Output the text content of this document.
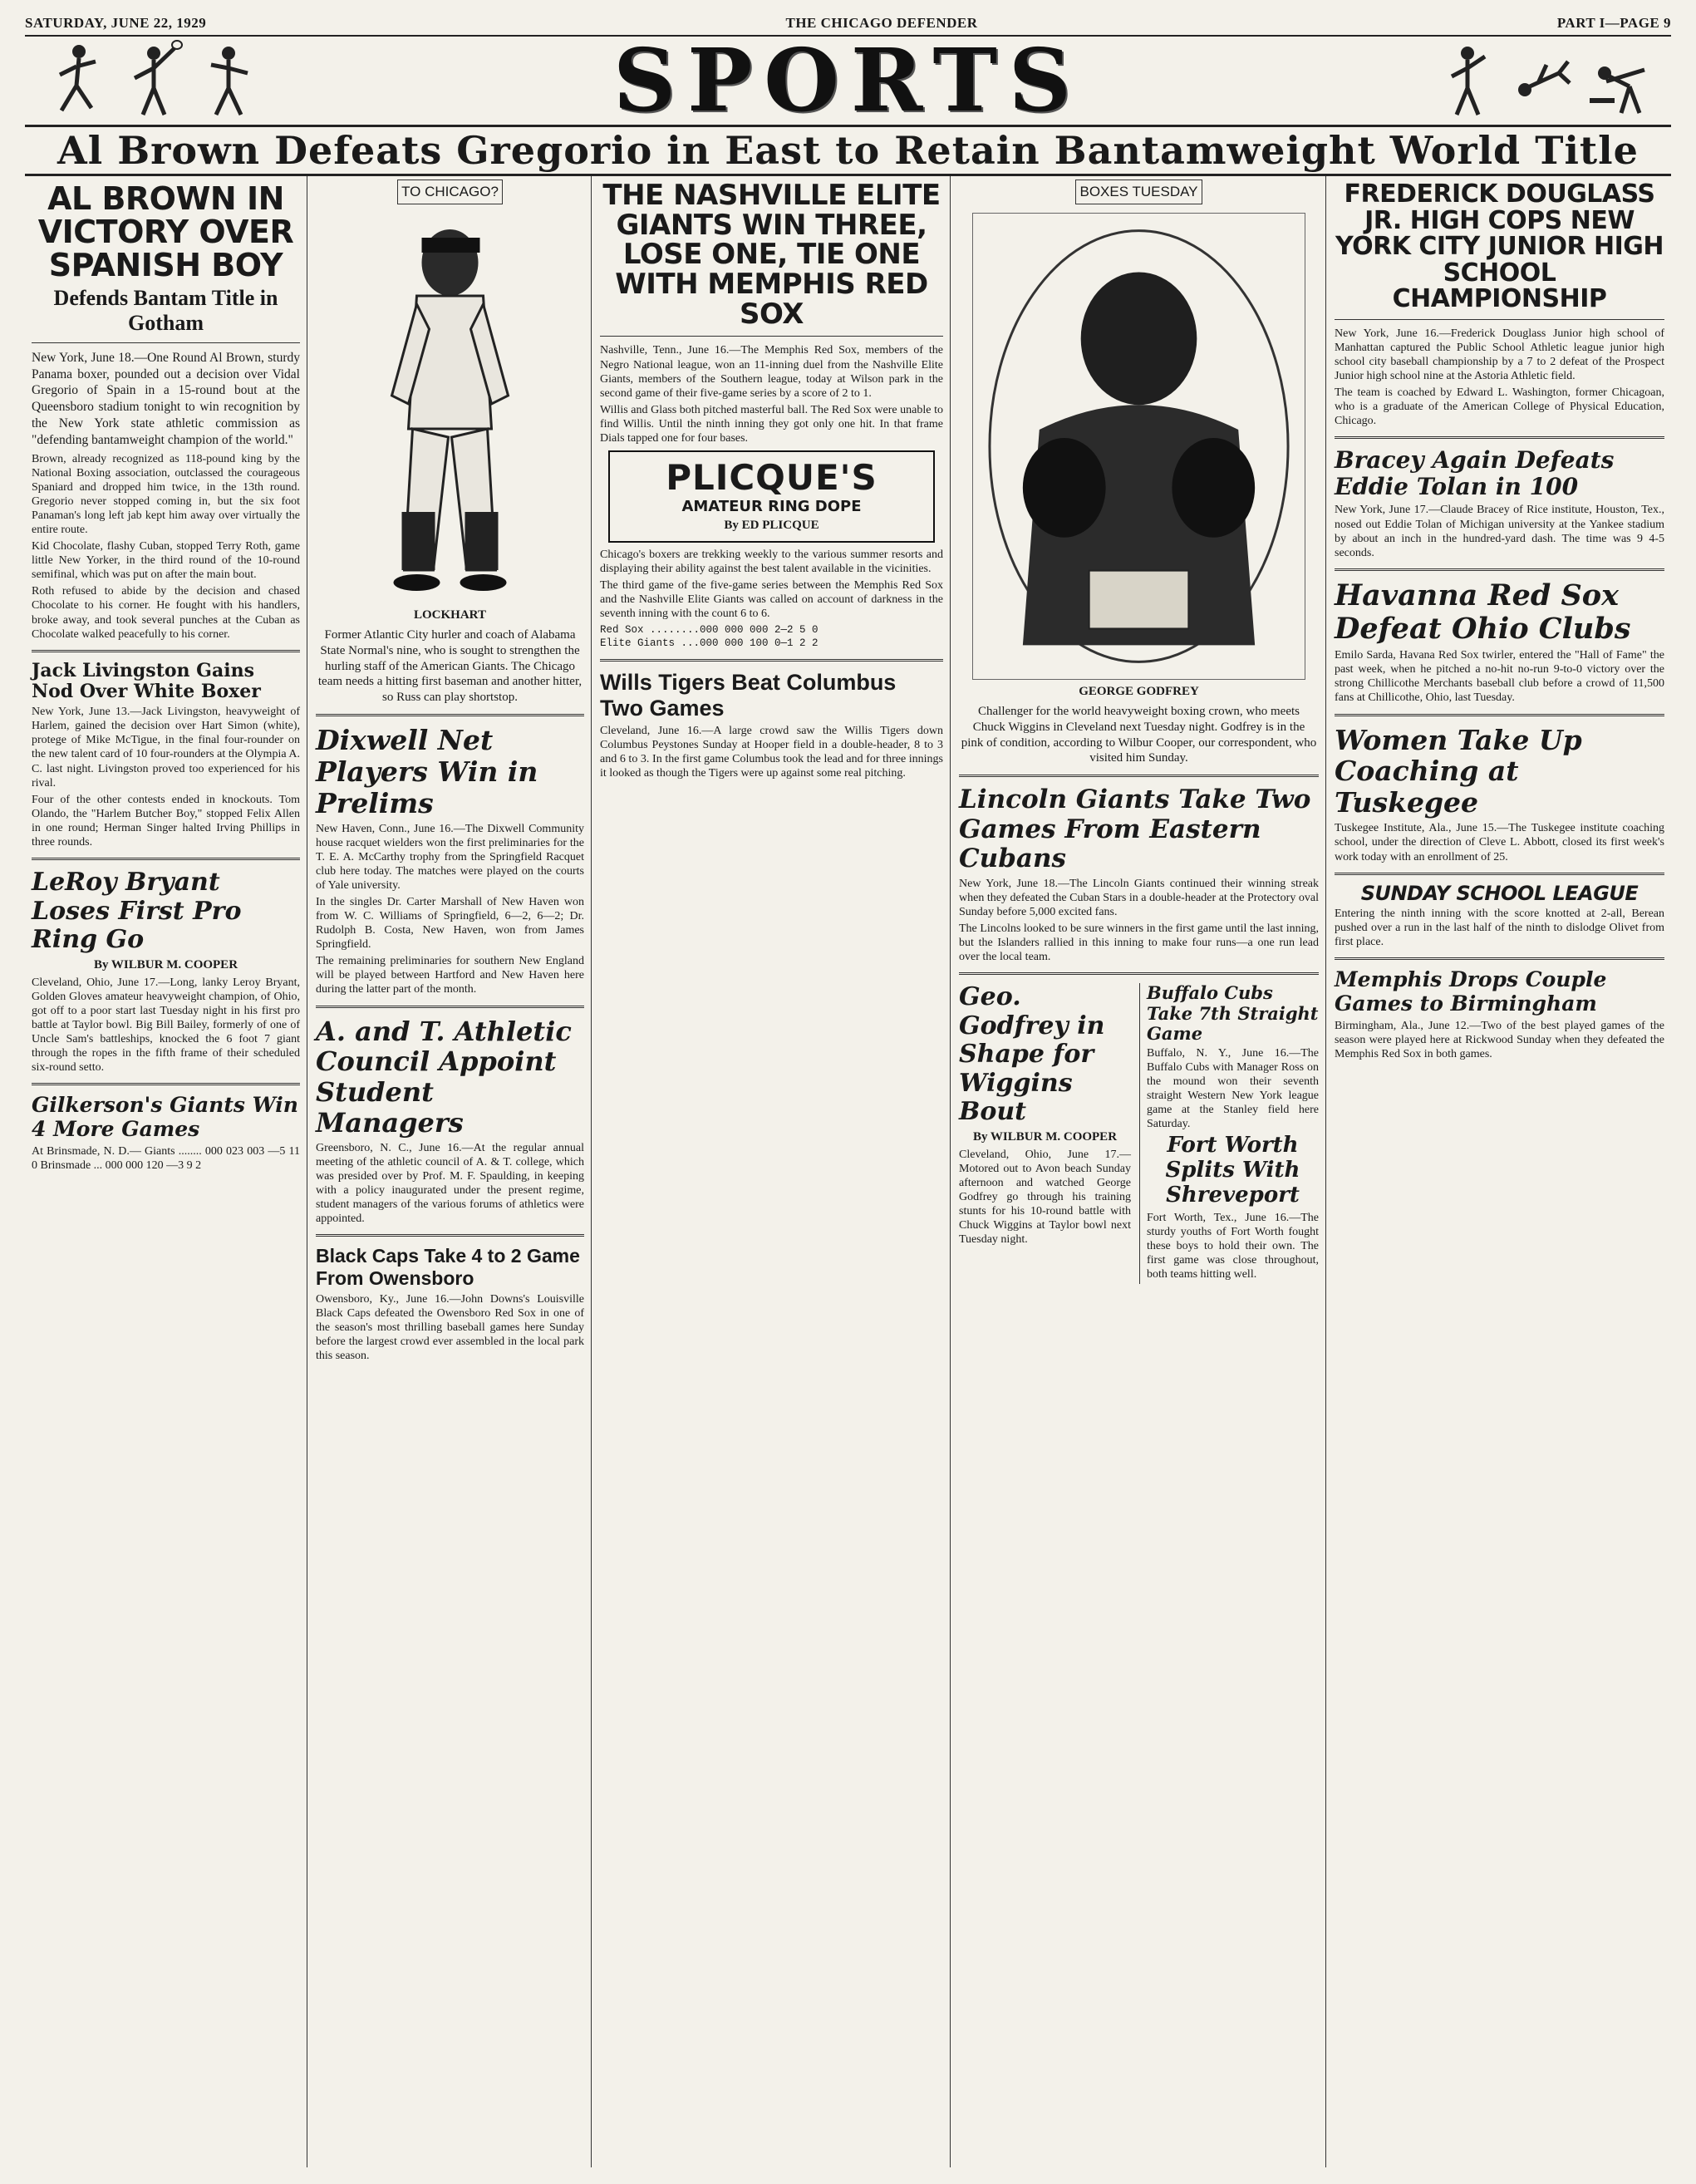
SATURDAY, JUNE 22, 1929	THE CHICAGO DEFENDER	PART I—PAGE 9
SPORTS
Al Brown Defeats Gregorio in East to Retain Bantamweight World Title
AL BROWN IN VICTORY OVER SPANISH BOY
Defends Bantam Title in Gotham

New York, June 18.—One Round Al Brown, sturdy Panama boxer, pounded out a decision over Vidal Gregorio of Spain in a 15-round bout at the Queensboro stadium tonight to win recognition by the New York state athletic commission as "defending bantamweight champion of the world."

Brown, already recognized as 118-pound king by the National Boxing association, outclassed the courageous Spaniard and dropped him twice, in the 13th round. Gregorio never stopped coming in, but the six foot Panaman's long left jab kept him away over virtually the entire route.

Kid Chocolate, flashy Cuban, stopped Terry Roth, game little New Yorker, in the third round of the 10-round semifinal, which was put on after the main bout.

Roth refused to abide by the decision and chased Chocolate to his corner. He fought with his handlers, broke away, and took several punches at the Cuban as Chocolate walked peacefully to his corner.

Jack Livingston Gains Nod Over White Boxer

New York, June 13.—Jack Livingston, heavyweight of Harlem, gained the decision over Hart Simon (white), protege of Mike McTigue, in the final four-rounder on the new talent card of 10 four-rounders at the Olympia A. C. last night. Livingston proved too experienced for his rival.

Four of the other contests ended in knockouts. Tom Olando, the "Harlem Butcher Boy," stopped Felix Allen in one round; Herman Singer halted Irving Phillips in three rounds.

LeRoy Bryant Loses First Pro Ring Go
By WILBUR M. COOPER

Cleveland, Ohio, June 17.—Long, lanky Leroy Bryant, Golden Gloves amateur heavyweight champion, of Ohio, got off to a poor start last Tuesday night in his first pro battle at Taylor bowl. Big Bill Bailey, formerly of one of Uncle Sam's battleships, knocked the 6 foot 7 giant through the ropes in the fifth frame of their scheduled six-round setto.

Gilkerson's Giants Win 4 More Games

At Brinsmade, N. D.— Giants ........ 000 023 003 —5 11 0 Brinsmade ... 000 000 120 —3 9 2

TO CHICAGO?
LOCKHART

Former Atlantic City hurler and coach of Alabama State Normal's nine, who is sought to strengthen the hurling staff of the American Giants. The Chicago team needs a hitting first baseman and another hitter, so Russ can play shortstop.

Dixwell Net Players Win in Prelims

New Haven, Conn., June 16.—The Dixwell Community house racquet wielders won the first preliminaries for the T. E. A. McCarthy trophy from the Springfield Racquet club here today. The matches were played on the courts of Yale university.

In the singles Dr. Carter Marshall of New Haven won from W. C. Williams of Springfield, 6—2, 6—2; Dr. Rudolph B. Costa, New Haven, won from James Springfield.

The remaining preliminaries for southern New England will be played between Hartford and New Haven here during the latter part of the month.

A. and T. Athletic Council Appoint Student Managers

Greensboro, N. C., June 16.—At the regular annual meeting of the athletic council of A. & T. college, which was presided over by Prof. M. F. Spaulding, in keeping with a policy inaugurated under the present regime, student managers of the various forums of athletics were appointed.

Black Caps Take 4 to 2 Game From Owensboro

Owensboro, Ky., June 16.—John Downs's Louisville Black Caps defeated the Owensboro Red Sox in one of the season's most thrilling baseball games here Sunday before the largest crowd ever assembled in the local park this season.

THE NASHVILLE ELITE GIANTS WIN THREE, LOSE ONE, TIE ONE WITH MEMPHIS RED SOX

Nashville, Tenn., June 16.—The Memphis Red Sox, members of the Negro National league, won an 11-inning duel from the Nashville Elite Giants, members of the Southern league, today at Wilson park in the second game of their five-game series by a score of 2 to 1.

Willis and Glass both pitched masterful ball. The Red Sox were unable to find Willis. Until the ninth inning they got only one hit. In that frame Dials tapped one for four bases.

PLICQUE'S
AMATEUR RING DOPE
By ED PLICQUE

Chicago's boxers are trekking weekly to the various summer resorts and displaying their ability against the best talent available in the vicinities.

The third game of the five-game series between the Memphis Red Sox and the Nashville Elite Giants was called on account of darkness in the seventh inning with the count 6 to 6.

Red Sox ........000 000 000 2—2 5 0
Elite Giants ...000 000 100 0—1 2 2
Wills Tigers Beat Columbus Two Games

Cleveland, June 16.—A large crowd saw the Willis Tigers down Columbus Peystones Sunday at Hooper field in a double-header, 8 to 3 and 6 to 3. In the first game Columbus took the lead and for three innings it looked as though the Tigers were up against some real pitching.

BOXES TUESDAY
GEORGE GODFREY

Challenger for the world heavyweight boxing crown, who meets Chuck Wiggins in Cleveland next Tuesday night. Godfrey is in the pink of condition, according to Wilbur Cooper, our correspondent, who visited him Sunday.

Lincoln Giants Take Two Games From Eastern Cubans

New York, June 18.—The Lincoln Giants continued their winning streak when they defeated the Cuban Stars in a double-header at the Protectory oval Sunday before 5,000 excited fans.

The Lincolns looked to be sure winners in the first game until the last inning, but the Islanders rallied in this inning to make four runs—a one run lead over the local team.

Geo. Godfrey in Shape for Wiggins Bout
By WILBUR M. COOPER

Cleveland, Ohio, June 17.—Motored out to Avon beach Sunday afternoon and watched George Godfrey go through his training stunts for his 10-round battle with Chuck Wiggins at Taylor bowl next Tuesday night.

Buffalo Cubs Take 7th Straight Game

Buffalo, N. Y., June 16.—The Buffalo Cubs with Manager Ross on the mound won their seventh straight Western New York league game at the Stanley field here Saturday.

Fort Worth Splits With Shreveport

Fort Worth, Tex., June 16.—The sturdy youths of Fort Worth fought these boys to hold their own. The first game was close throughout, both teams hitting well.

FREDERICK DOUGLASS JR. HIGH COPS NEW YORK CITY JUNIOR HIGH SCHOOL CHAMPIONSHIP

New York, June 16.—Frederick Douglass Junior high school of Manhattan captured the Public School Athletic league junior high school city baseball championship by a 7 to 2 defeat of the Prospect Junior high school nine at the Astoria Athletic field.

The team is coached by Edward L. Washington, former Chicagoan, who is a graduate of the American College of Physical Education, Chicago.

Bracey Again Defeats Eddie Tolan in 100

New York, June 17.—Claude Bracey of Rice institute, Houston, Tex., nosed out Eddie Tolan of Michigan university at the Yankee stadium by about an inch in the hundred-yard dash. The time was 9 4-5 seconds.

Havanna Red Sox Defeat Ohio Clubs

Emilo Sarda, Havana Red Sox twirler, entered the "Hall of Fame" the past week, when he pitched a no-hit no-run 9-to-0 victory over the strong Chillicothe Merchants baseball club before a crowd of 11,500 fans at Chillicothe, Ohio, last Tuesday.

Women Take Up Coaching at Tuskegee

Tuskegee Institute, Ala., June 15.—The Tuskegee institute coaching school, under the direction of Cleve L. Abbott, closed its first week's work today with an enrollment of 25.

SUNDAY SCHOOL LEAGUE

Entering the ninth inning with the score knotted at 2-all, Berean pushed over a run in the last half of the ninth to dislodge Olivet from first place.

Memphis Drops Couple Games to Birmingham

Birmingham, Ala., June 12.—Two of the best played games of the season were played here at Rickwood Sunday when they defeated the Memphis Red Sox in both games.
